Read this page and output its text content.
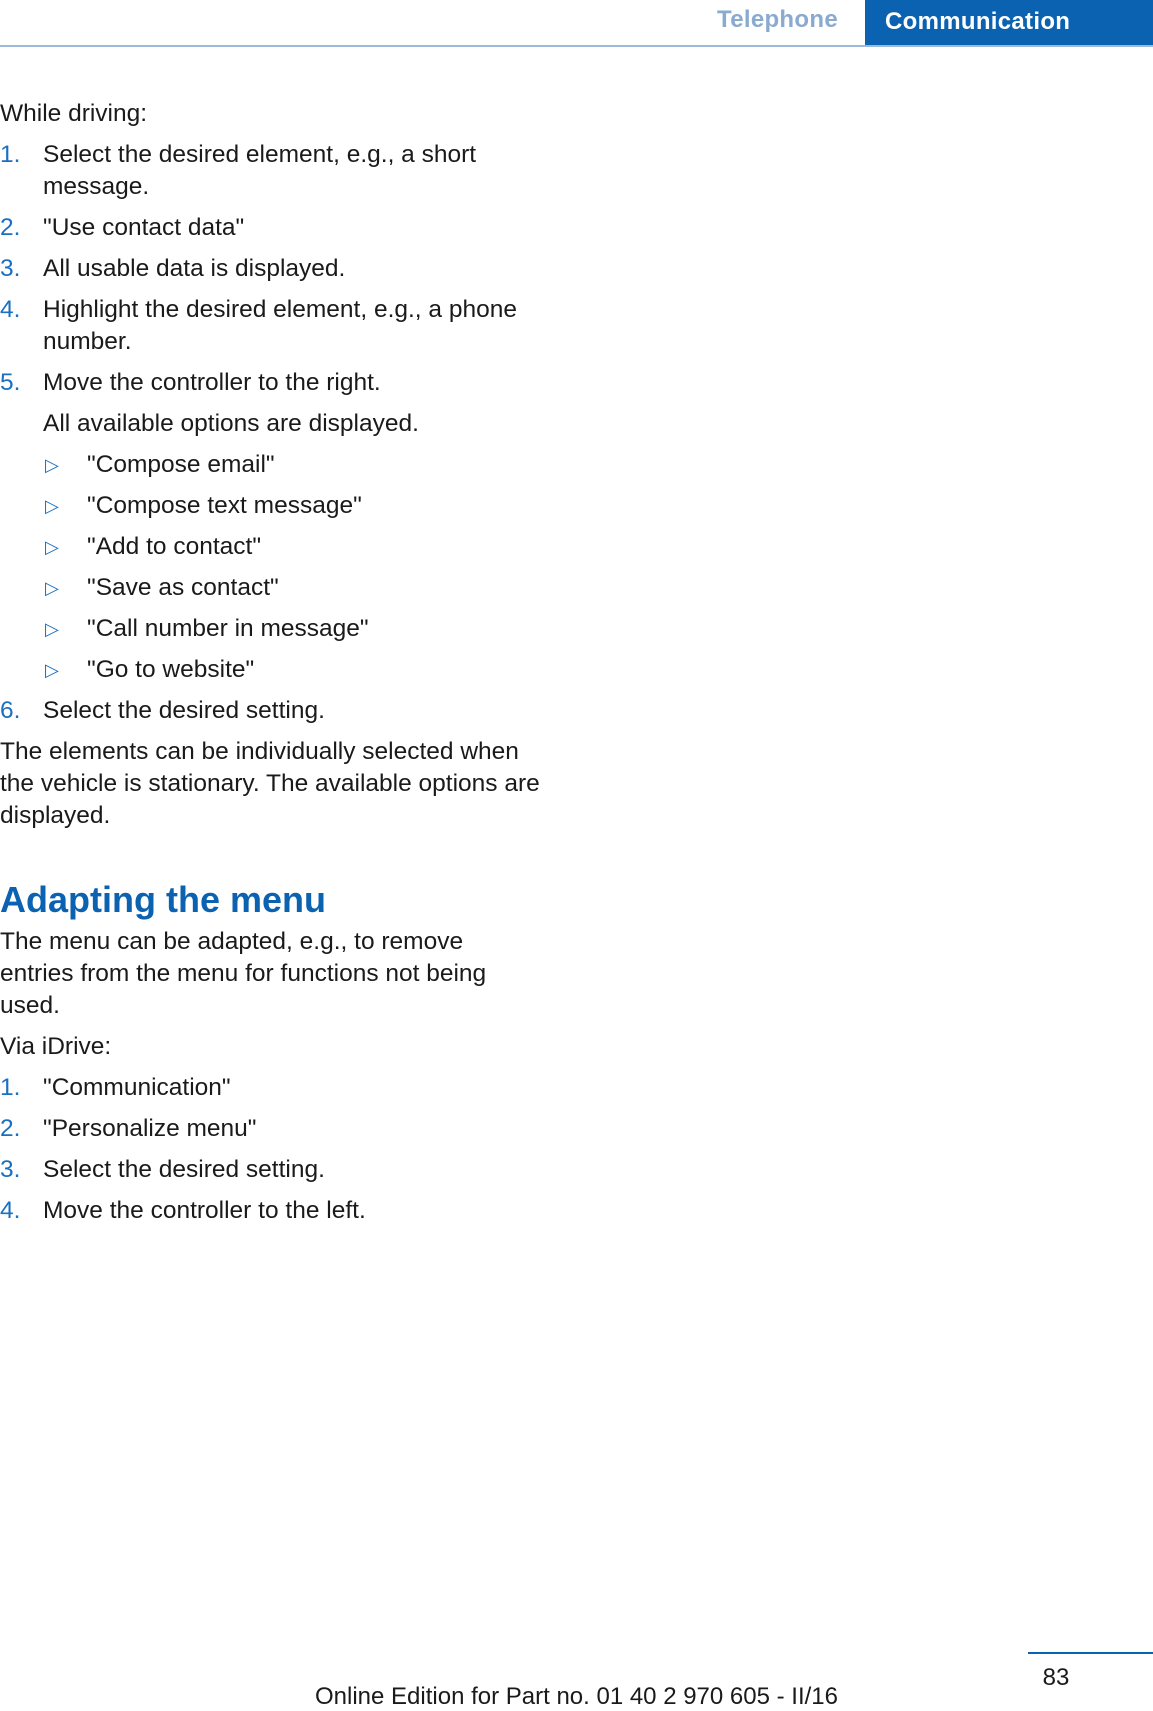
Telephone	Communication

While driving:

1. Select the desired element, e.g., a short message.

2. "Use contact data"

3. All usable data is displayed.

4. Highlight the desired element, e.g., a phone number.

5. Move the controller to the right.

All available options are displayed.

▷	"Compose email"
▷	"Compose text message"
▷	"Add to contact"
▷	"Save as contact"
▷	"Call number in message"
▷	"Go to website"
6. Select the desired setting.

The elements can be individually selected when the vehicle is stationary. The available options are displayed.

Adapting the menu

The menu can be adapted, e.g., to remove entries from the menu for functions not being used.

Via iDrive:

1. "Communication"

2. "Personalize menu"

3. Select the desired setting.

4. Move the controller to the left.

83
Online Edition for Part no. 01 40 2 970 605 - II/16
